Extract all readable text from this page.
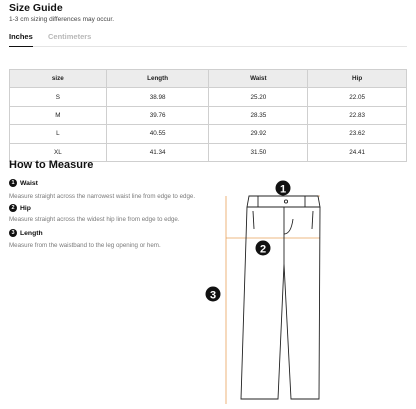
Size Guide
1-3 cm sizing differences may occur.
Inches Centimeters
size	Length	Waist	Hip
S	38.98	25.20	22.05
M	39.76	28.35	22.83
L	40.55	29.92	23.62
XL	41.34	31.50	24.41
How to Measure
1 Waist
Measure straight across the narrowest waist line from edge to edge.
2 Hip
Measure straight across the widest hip line from edge to edge.
3 Length
Measure from the waistband to the leg opening or hem.
1
2
3
